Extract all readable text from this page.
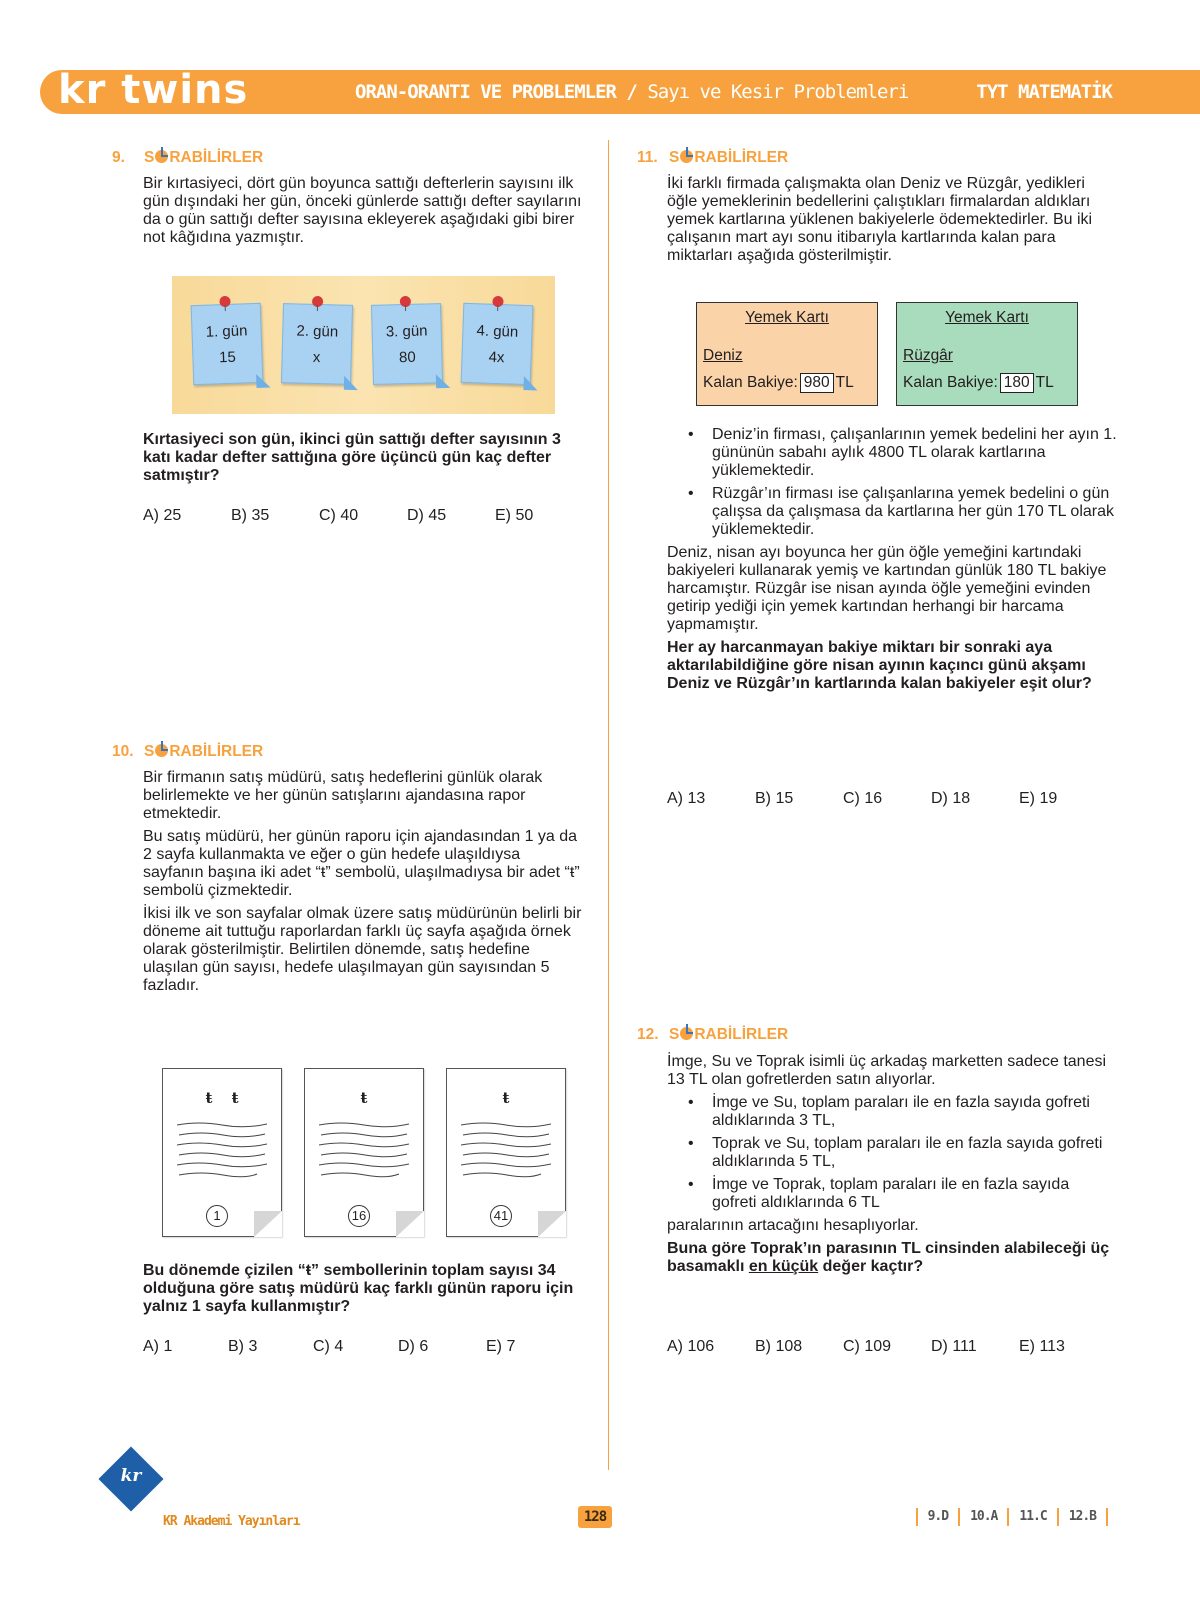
kr twins	ORAN-ORANTI VE PROBLEMLER / Sayı ve Kesir Problemleri	TYT MATEMATİK
9. S RABİLİRLER
Bir kırtasiyeci, dört gün boyunca sattığı defterlerin sayısını ilk gün dışındaki her gün, önceki günlerde sattığı defter sayılarını da o gün sattığı defter sayısına ekleyerek aşağıdaki gibi birer not kâğıdına yazmıştır.
1. gün
15
2. gün
x
3. gün
80
4. gün
4x
Kırtasiyeci son gün, ikinci gün sattığı defter sayısının 3 katı kadar defter sattığına göre üçüncü gün kaç defter satmıştır?
A) 25	B) 35	C) 40	D) 45	E) 50
10. S RABİLİRLER

Bir firmanın satış müdürü, satış hedeflerini günlük olarak belirlemekte ve her günün satışlarını ajandasına rapor etmektedir.

Bu satış müdürü, her günün raporu için ajandasından 1 ya da 2 sayfa kullanmakta ve eğer o gün hedefe ulaşıldıysa sayfanın başına iki adet “ŧ” sembolü, ulaşılmadıysa bir adet “ŧ” sembolü çizmektedir.

İkisi ilk ve son sayfalar olmak üzere satış müdürünün belirli bir döneme ait tuttuğu raporlardan farklı üç sayfa aşağıda örnek olarak gösterilmiştir. Belirtilen dönemde, satış hedefine ulaşılan gün sayısı, hedefe ulaşılmayan gün sayısından 5 fazladır.

ŧ ŧ
1
ŧ
16
ŧ
41
Bu dönemde çizilen “ŧ” sembollerinin toplam sayısı 34 olduğuna göre satış müdürü kaç farklı günün raporu için yalnız 1 sayfa kullanmıştır?
A) 1	B) 3	C) 4	D) 6	E) 7
11. S RABİLİRLER
İki farklı firmada çalışmakta olan Deniz ve Rüzgâr, yedikleri öğle yemeklerinin bedellerini çalıştıkları firmalardan aldıkları yemek kartlarına yüklenen bakiyelerle ödemektedirler. Bu iki çalışanın mart ayı sonu itibarıyla kartlarında kalan para miktarları aşağıda gösterilmiştir.
Yemek Kartı
Deniz
Kalan Bakiye: 980 TL
Yemek Kartı
Rüzgâr
Kalan Bakiye: 180 TL
• Deniz’in firması, çalışanlarının yemek bedelini her ayın 1. gününün sabahı aylık 4800 TL olarak kartlarına yüklemektedir.
• Rüzgâr’ın firması ise çalışanlarına yemek bedelini o gün çalışsa da çalışmasa da kartlarına her gün 170 TL olarak yüklemektedir.

Deniz, nisan ayı boyunca her gün öğle yemeğini kartındaki bakiyeleri kullanarak yemiş ve kartından günlük 180 TL bakiye harcamıştır. Rüzgâr ise nisan ayında öğle yemeğini evinden getirip yediği için yemek kartından herhangi bir harcama yapmamıştır.

Her ay harcanmayan bakiye miktarı bir sonraki aya aktarılabildiğine göre nisan ayının kaçıncı günü akşamı Deniz ve Rüzgâr’ın kartlarında kalan bakiyeler eşit olur?

A) 13	B) 15	C) 16	D) 18	E) 19
12. S RABİLİRLER

İmge, Su ve Toprak isimli üç arkadaş marketten sadece tanesi 13 TL olan gofretlerden satın alıyorlar.

• İmge ve Su, toplam paraları ile en fazla sayıda gofreti aldıklarında 3 TL,
• Toprak ve Su, toplam paraları ile en fazla sayıda gofreti aldıklarında 5 TL,
• İmge ve Toprak, toplam paraları ile en fazla sayıda gofreti aldıklarında 6 TL

paralarının artacağını hesaplıyorlar.

Buna göre Toprak’ın parasının TL cinsinden alabileceği üç basamaklı en küçük değer kaçtır?

A) 106	B) 108	C) 109	D) 111	E) 113
kr
KR Akademi Yayınları	128	9.D	10.A	11.C	12.B
